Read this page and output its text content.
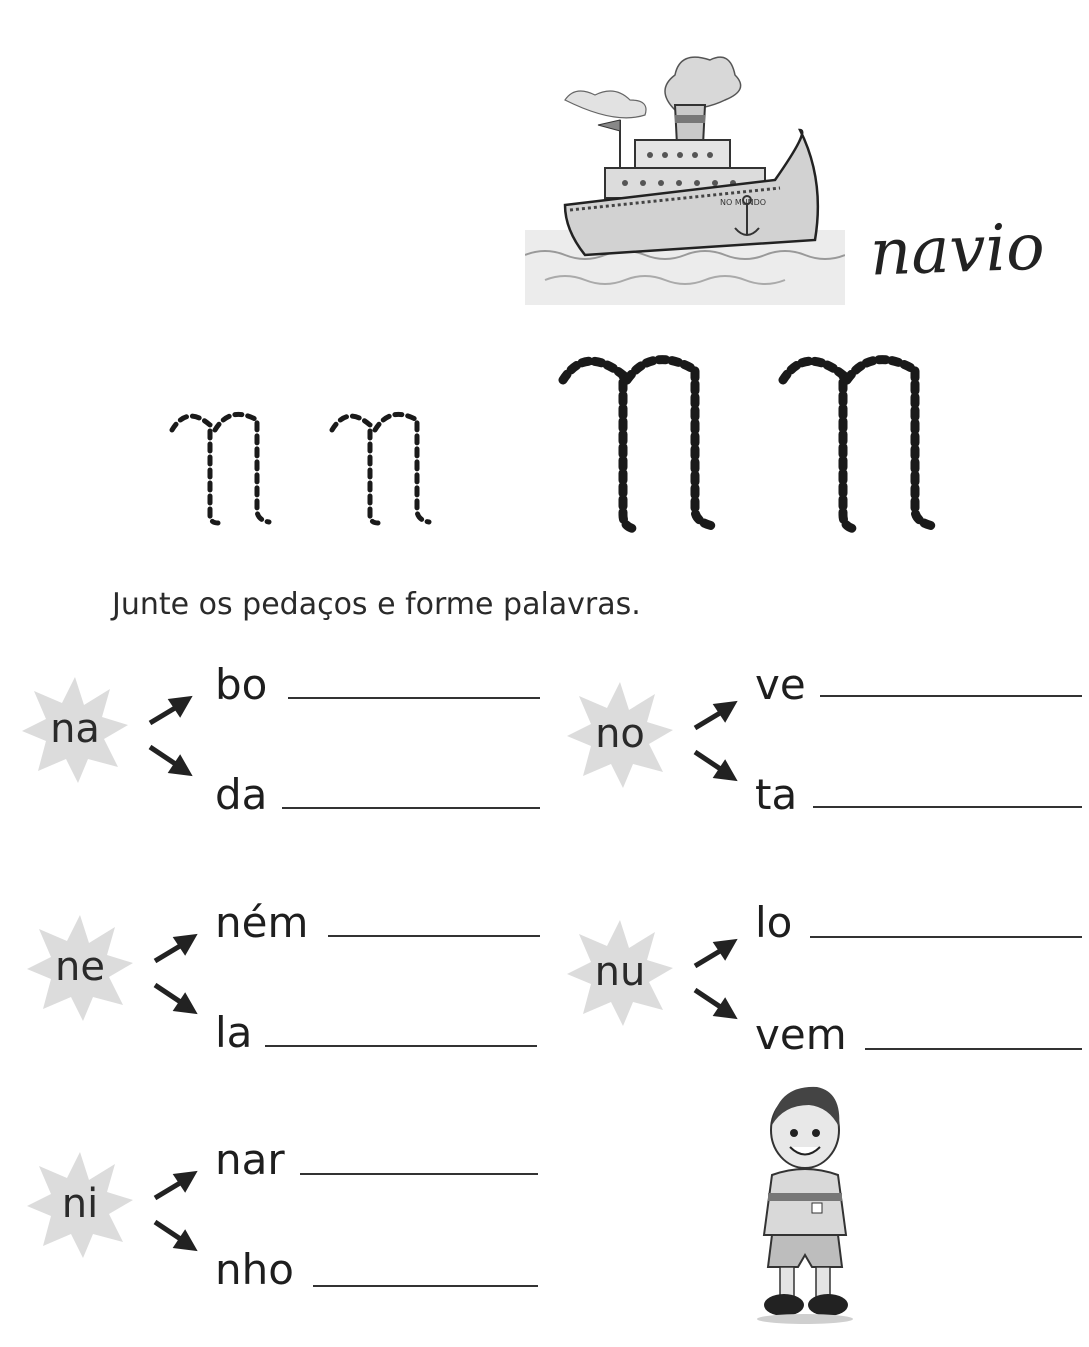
NO MUNDO
navio
Junte os pedaços e forme palavras.
na
bo
da
no
ve
ta
ne
ném
la
nu
lo
vem
ni
nar
nho
